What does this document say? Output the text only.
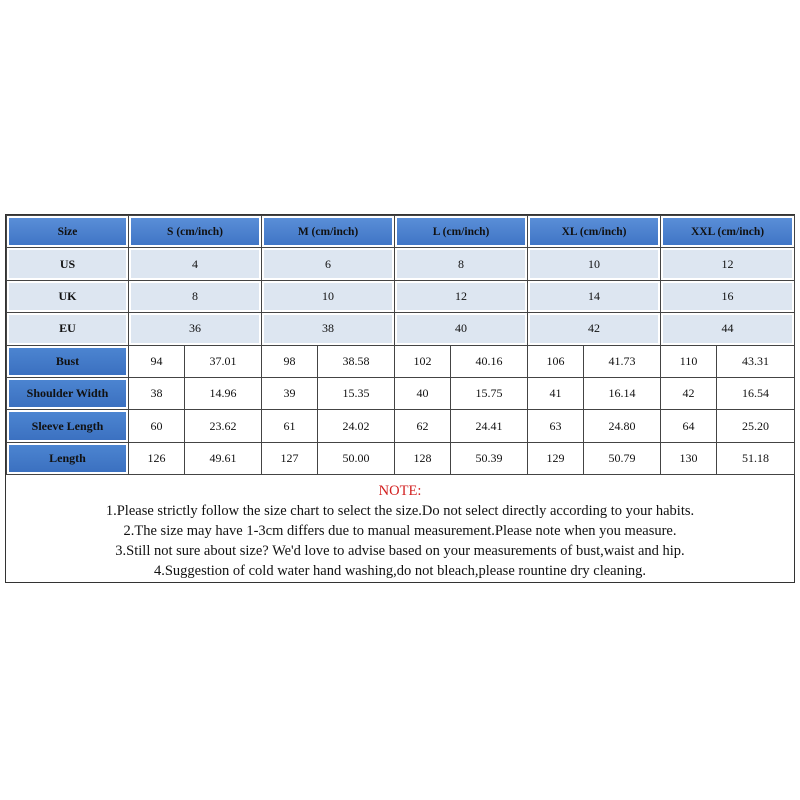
Size	S (cm/inch)		M (cm/inch)		L (cm/inch)		XL (cm/inch)		XXL (cm/inch)	
US	4		6		8		10		12	
UK	8		10		12		14		16	
EU	36		38		40		42		44	
Bust	94	37.01	98	38.58	102	40.16	106	41.73	110	43.31
Shoulder Width	38	14.96	39	15.35	40	15.75	41	16.14	42	16.54
Sleeve Length	60	23.62	61	24.02	62	24.41	63	24.80	64	25.20
Length	126	49.61	127	50.00	128	50.39	129	50.79	130	51.18
NOTE:
1.Please strictly follow the size chart to select the size.Do not select directly according to your habits.
2.The size may have 1-3cm differs due to manual measurement.Please note when you measure.
3.Still not sure about size? We'd love to advise based on your measurements of bust,waist and hip.
4.Suggestion of cold water hand washing,do not bleach,please rountine dry cleaning.
